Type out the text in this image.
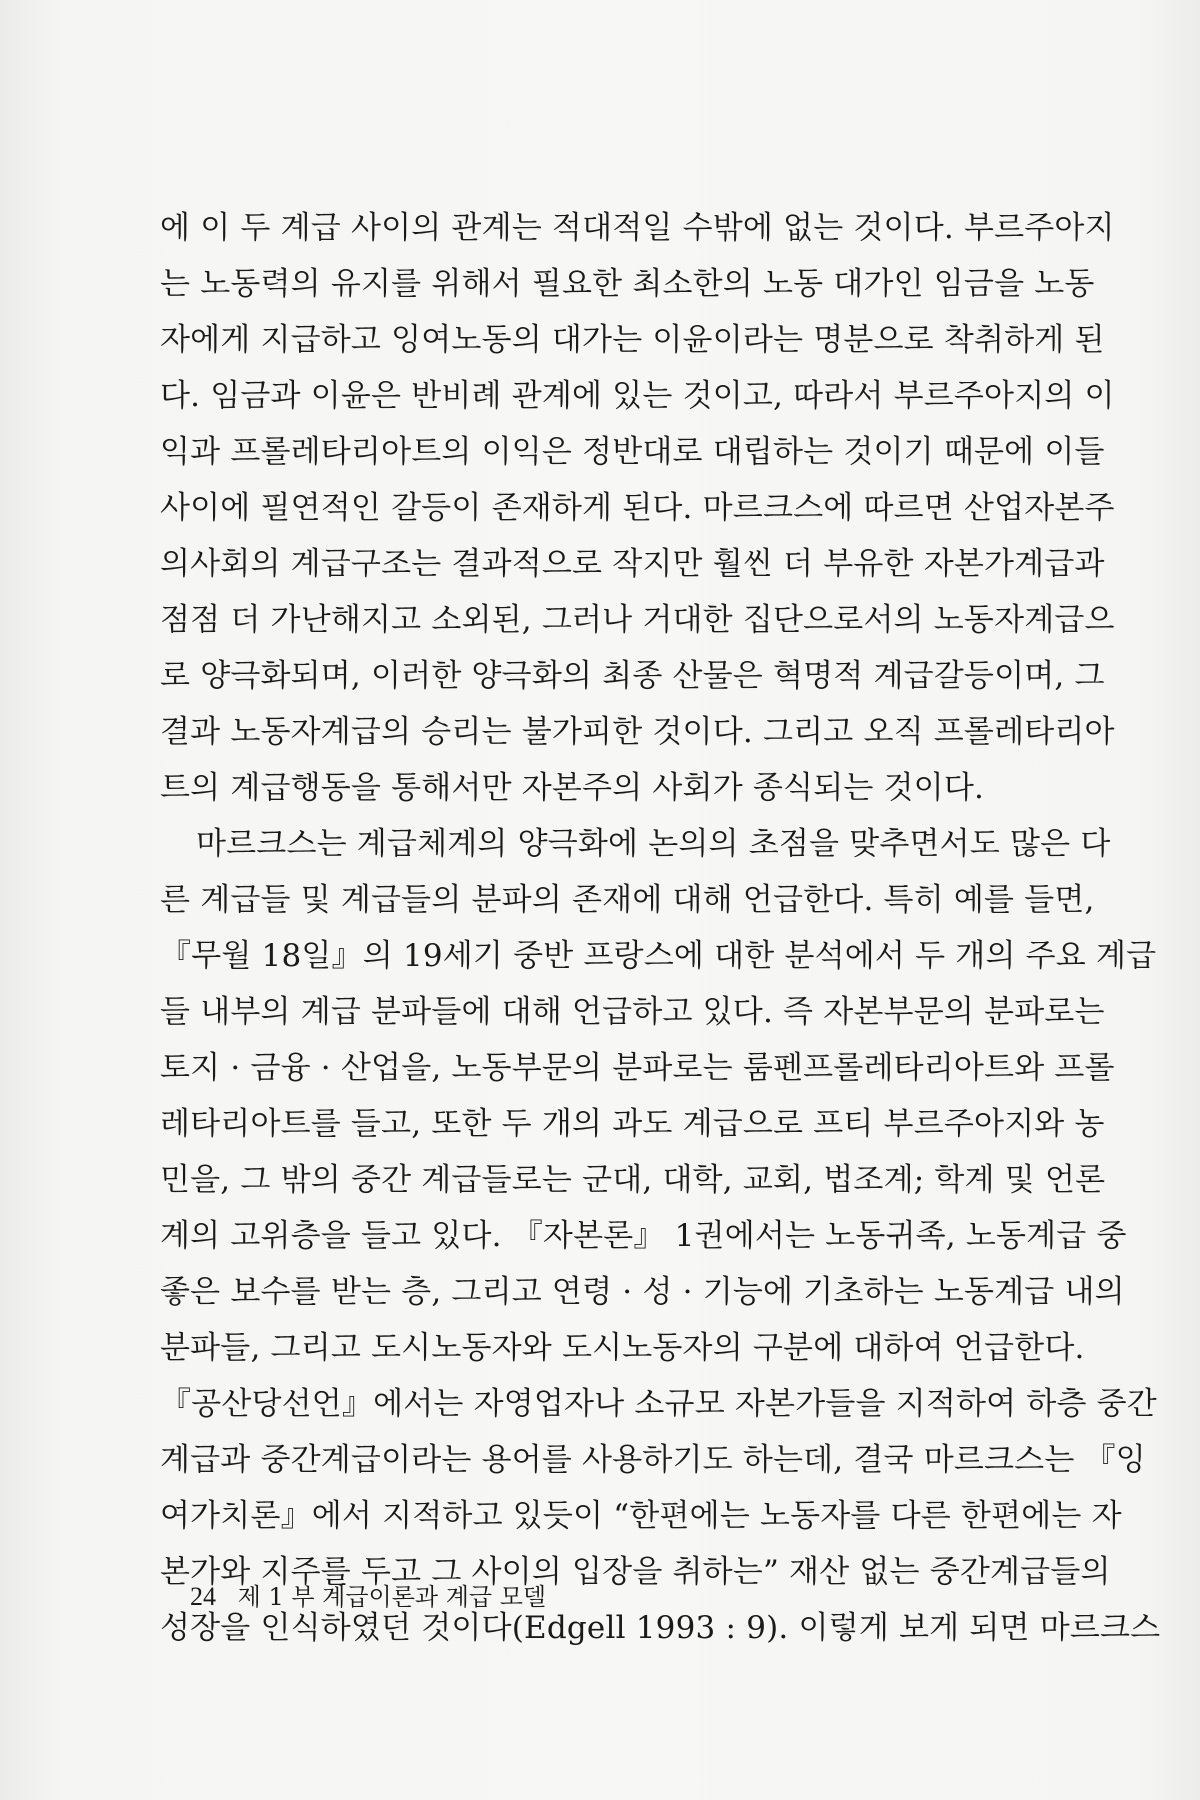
에 이 두 계급 사이의 관계는 적대적일 수밖에 없는 것이다. 부르주아지
는 노동력의 유지를 위해서 필요한 최소한의 노동 대가인 임금을 노동
자에게 지급하고 잉여노동의 대가는 이윤이라는 명분으로 착취하게 된
다. 임금과 이윤은 반비례 관계에 있는 것이고, 따라서 부르주아지의 이
익과 프롤레타리아트의 이익은 정반대로 대립하는 것이기 때문에 이들
사이에 필연적인 갈등이 존재하게 된다. 마르크스에 따르면 산업자본주
의사회의 계급구조는 결과적으로 작지만 훨씬 더 부유한 자본가계급과
점점 더 가난해지고 소외된, 그러나 거대한 집단으로서의 노동자계급으
로 양극화되며, 이러한 양극화의 최종 산물은 혁명적 계급갈등이며, 그
결과 노동자계급의 승리는 불가피한 것이다. 그리고 오직 프롤레타리아
트의 계급행동을 통해서만 자본주의 사회가 종식되는 것이다.
마르크스는 계급체계의 양극화에 논의의 초점을 맞추면서도 많은 다
른 계급들 및 계급들의 분파의 존재에 대해 언급한다. 특히 예를 들면,
『무월 18일』의 19세기 중반 프랑스에 대한 분석에서 두 개의 주요 계급
들 내부의 계급 분파들에 대해 언급하고 있다. 즉 자본부문의 분파로는
토지 · 금융 · 산업을, 노동부문의 분파로는 룸펜프롤레타리아트와 프롤
레타리아트를 들고, 또한 두 개의 과도 계급으로 프티 부르주아지와 농
민을, 그 밖의 중간 계급들로는 군대, 대학, 교회, 법조계; 학계 및 언론
계의 고위층을 들고 있다. 『자본론』 1권에서는 노동귀족, 노동계급 중
좋은 보수를 받는 층, 그리고 연령 · 성 · 기능에 기초하는 노동계급 내의
분파들, 그리고 도시노동자와 도시노동자의 구분에 대하여 언급한다.
『공산당선언』에서는 자영업자나 소규모 자본가들을 지적하여 하층 중간
계급과 중간계급이라는 용어를 사용하기도 하는데, 결국 마르크스는 『잉
여가치론』에서 지적하고 있듯이 “한편에는 노동자를 다른 한편에는 자
본가와 지주를 두고 그 사이의 입장을 취하는” 재산 없는 중간계급들의
성장을 인식하였던 것이다(Edgell 1993 : 9). 이렇게 보게 되면 마르크스
24 제 1 부 계급이론과 계급 모델
